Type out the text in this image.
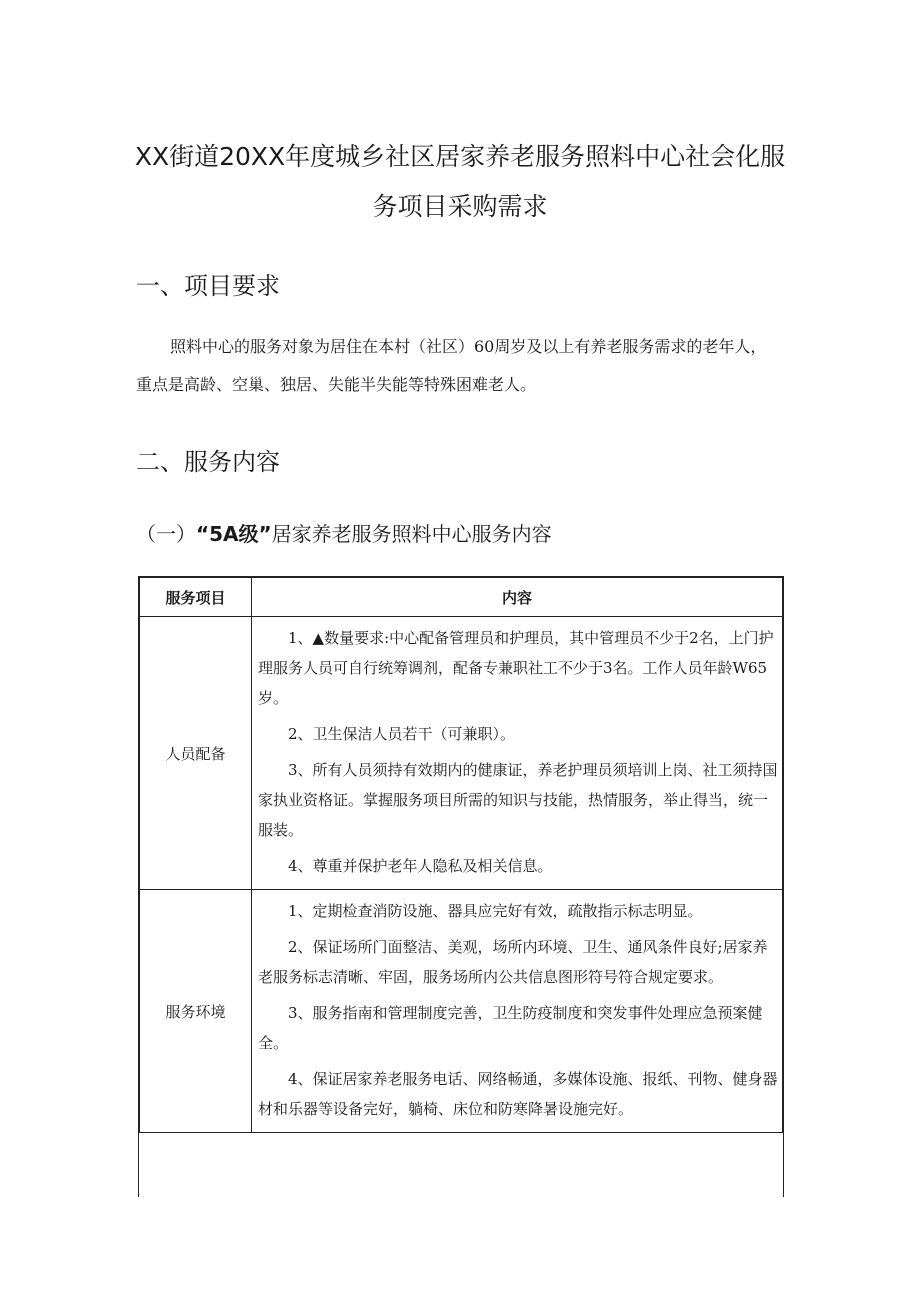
XX街道20XX年度城乡社区居家养老服务照料中心社会化服
务项目采购需求
一、项目要求

照料中心的服务对象为居住在本村（社区）60周岁及以上有养老服务需求的老年人，重点是高龄、空巢、独居、失能半失能等特殊困难老人。

二、服务内容
（一）“5A级”居家养老服务照料中心服务内容
服务项目	内容
人员配备	1、▲数量要求:中心配备管理员和护理员，其中管理员不少于2名，上门护理服务人员可自行统筹调剂，配备专兼职社工不少于3名。工作人员年龄W65岁。

2、卫生保洁人员若干（可兼职）。

3、所有人员须持有效期内的健康证，养老护理员须培训上岗、社工须持国家执业资格证。掌握服务项目所需的知识与技能，热情服务，举止得当，统一服装。

4、尊重并保护老年人隐私及相关信息。

服务环境	1、定期检查消防设施、器具应完好有效，疏散指示标志明显。

2、保证场所门面整洁、美观，场所内环境、卫生、通风条件良好;居家养老服务标志清晰、牢固，服务场所内公共信息图形符号符合规定要求。

3、服务指南和管理制度完善，卫生防疫制度和突发事件处理应急预案健全。

4、保证居家养老服务电话、网络畅通，多媒体设施、报纸、刊物、健身器材和乐器等设备完好，躺椅、床位和防寒降暑设施完好。
